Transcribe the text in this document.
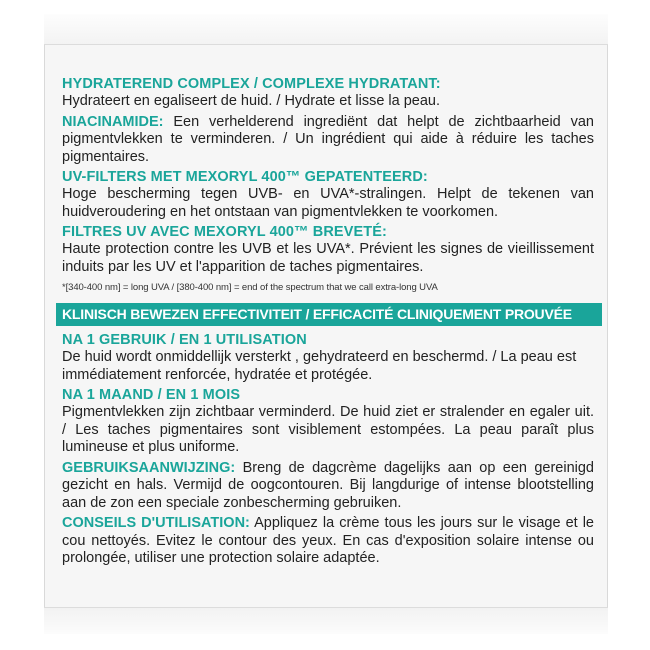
HYDRATEREND COMPLEX / COMPLEXE HYDRATANT:
Hydrateert en egaliseert de huid. / Hydrate et lisse la peau.
NIACINAMIDE: Een verhelderend ingrediënt dat helpt de zichtbaarheid van pigmentvlekken te verminderen. / Un ingrédient qui aide à réduire les taches pigmentaires.
UV-FILTERS MET MEXORYL 400™ GEPATENTEERD:
Hoge bescherming tegen UVB- en UVA*-stralingen. Helpt de tekenen van huidveroudering en het ontstaan van pigmentvlekken te voorkomen.
FILTRES UV AVEC MEXORYL 400™ BREVETÉ:
Haute protection contre les UVB et les UVA*. Prévient les signes de vieillissement induits par les UV et l'apparition de taches pigmentaires.
*[340-400 nm] = long UVA / [380-400 nm] = end of the spectrum that we call extra-long UVA
KLINISCH BEWEZEN EFFECTIVITEIT / EFFICACITÉ CLINIQUEMENT PROUVÉE
NA 1 GEBRUIK / EN 1 UTILISATION
De huid wordt onmiddellijk versterkt , gehydrateerd en beschermd. / La peau est immédiatement renforcée, hydratée et protégée.
NA 1 MAAND / EN 1 MOIS
Pigmentvlekken zijn zichtbaar verminderd. De huid ziet er stralender en egaler uit. / Les taches pigmentaires sont visiblement estompées. La peau paraît plus lumineuse et plus uniforme.
GEBRUIKSAANWIJZING: Breng de dagcrème dagelijks aan op een gereinigd gezicht en hals. Vermijd de oogcontouren. Bij langdurige of intense blootstelling aan de zon een speciale zonbescherming gebruiken.
CONSEILS D'UTILISATION: Appliquez la crème tous les jours sur le visage et le cou nettoyés. Evitez le contour des yeux. En cas d'exposition solaire intense ou prolongée, utiliser une protection solaire adaptée.
